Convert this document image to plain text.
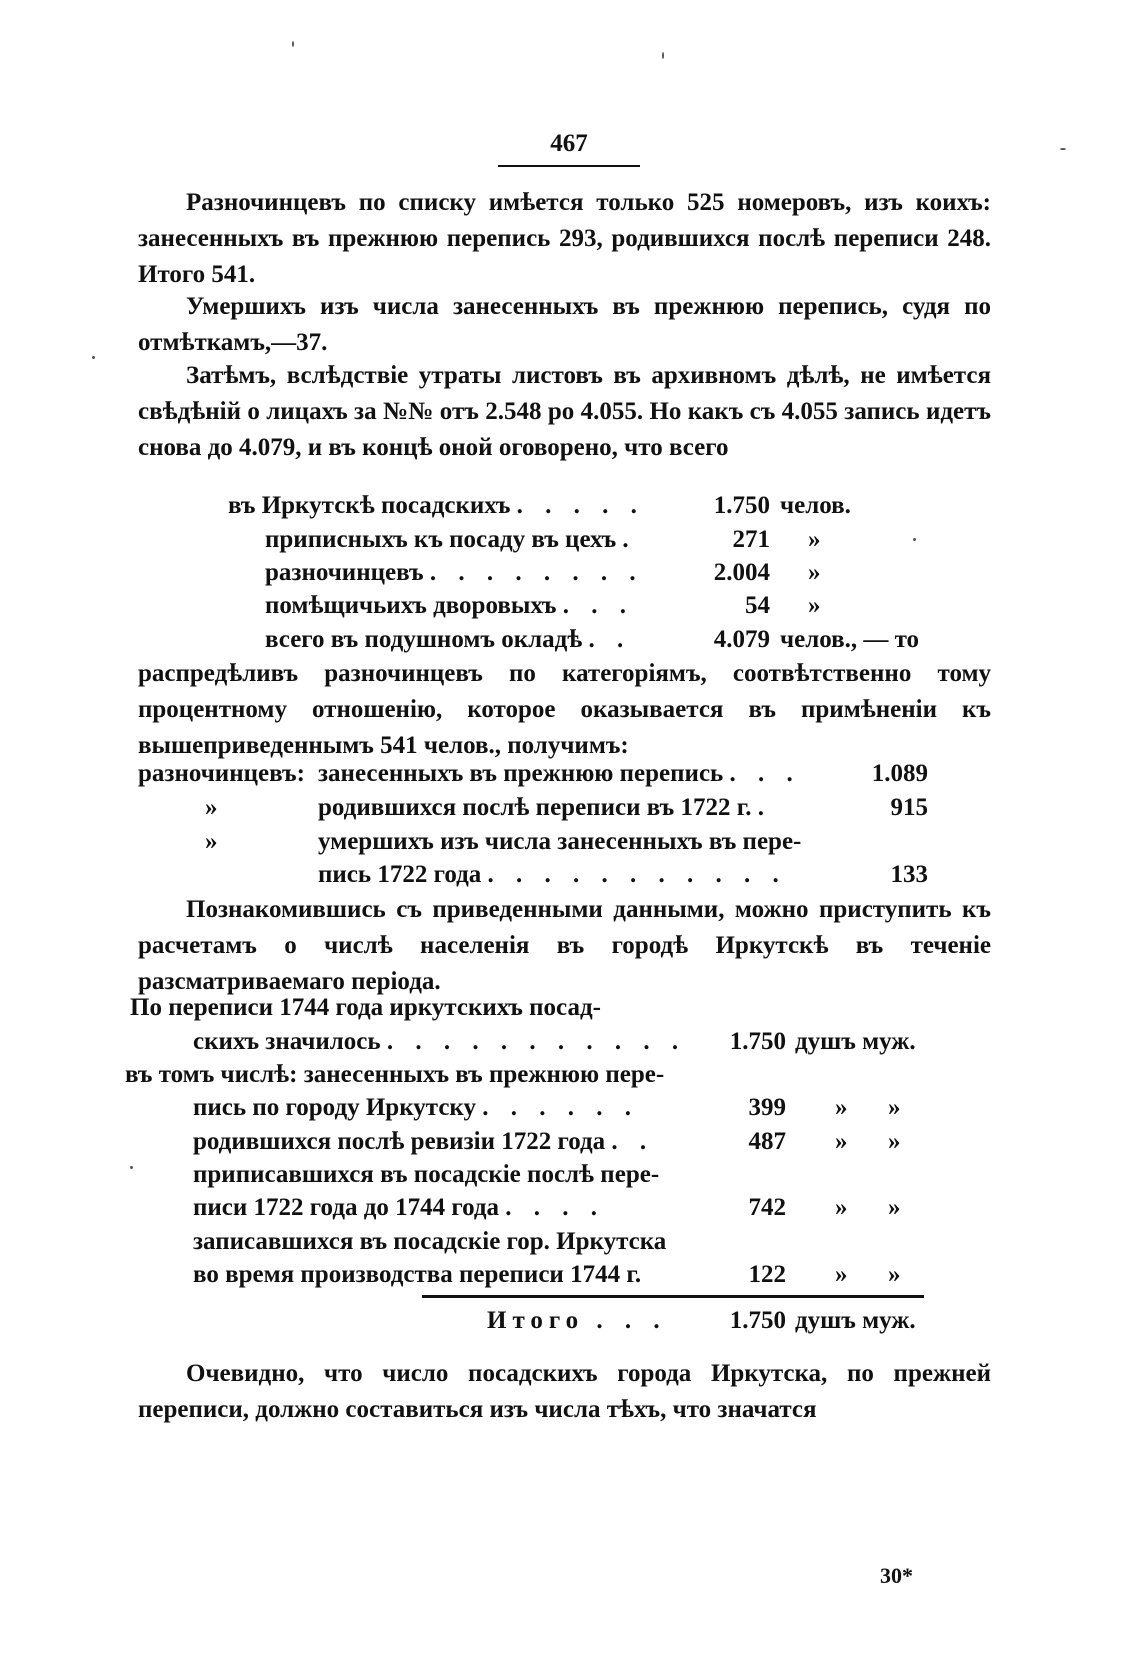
467

Разночинцевъ по списку имѣется только 525 номеровъ, изъ коихъ: занесенныхъ въ прежнюю перепись 293, родившихся послѣ переписи 248. Итого 541.

Умершихъ изъ числа занесенныхъ въ прежнюю перепись, судя по отмѣткамъ,—37.

Затѣмъ, вслѣдствіе утраты листовъ въ архивномъ дѣлѣ, не имѣется свѣдѣній о лицахъ за №№ отъ 2.548 ро 4.055. Но какъ съ 4.055 запись идетъ снова до 4.079, и въ концѣ оной оговорено, что всего

въ Иркутскѣ посадскихъ . . . . .	1.750 челов.
приписныхъ къ посаду въ цехъ .	271 »
разночинцевъ . . . . . . . .	2.004 »
помѣщичьихъ дворовыхъ . . .	54 »
всего въ подушномъ окладѣ . .	4.079 челов., — то

распредѣливъ разночинцевъ по категоріямъ, соотвѣтственно тому процентному отношенію, которое оказывается въ примѣненіи къ вышеприведеннымъ 541 челов., получимъ:

разночинцевъ: занесенныхъ въ прежнюю перепись . . .	1.089
»	родившихся послѣ переписи въ 1722 г. .	915
»	умершихъ изъ числа занесенныхъ въ пере-
пись 1722 года . . . . . . . . . . .	133

Познакомившись съ приведенными данными, можно приступить къ расчетамъ о числѣ населенія въ городѣ Иркутскѣ въ теченіе разсматриваемаго періода.

По переписи 1744 года иркутскихъ посад-
скихъ значилось . . . . . . . . . . .	1.750 душъ муж.
въ томъ числѣ: занесенныхъ въ прежнюю пере-
пись по городу Иркутску . . . . . .	399 » »
родившихся послѣ ревизіи 1722 года . .	487 » »
приписавшихся въ посадскіе послѣ пере-
писи 1722 года до 1744 года . . . .	742 » »
записавшихся въ посадскіе гор. Иркутска
во время производства переписи 1744 г.	122 » »
Итого . . .	1.750 душъ муж.

Очевидно, что число посадскихъ города Иркутска, по прежней переписи, должно составиться изъ числа тѣхъ, что значатся

30*
